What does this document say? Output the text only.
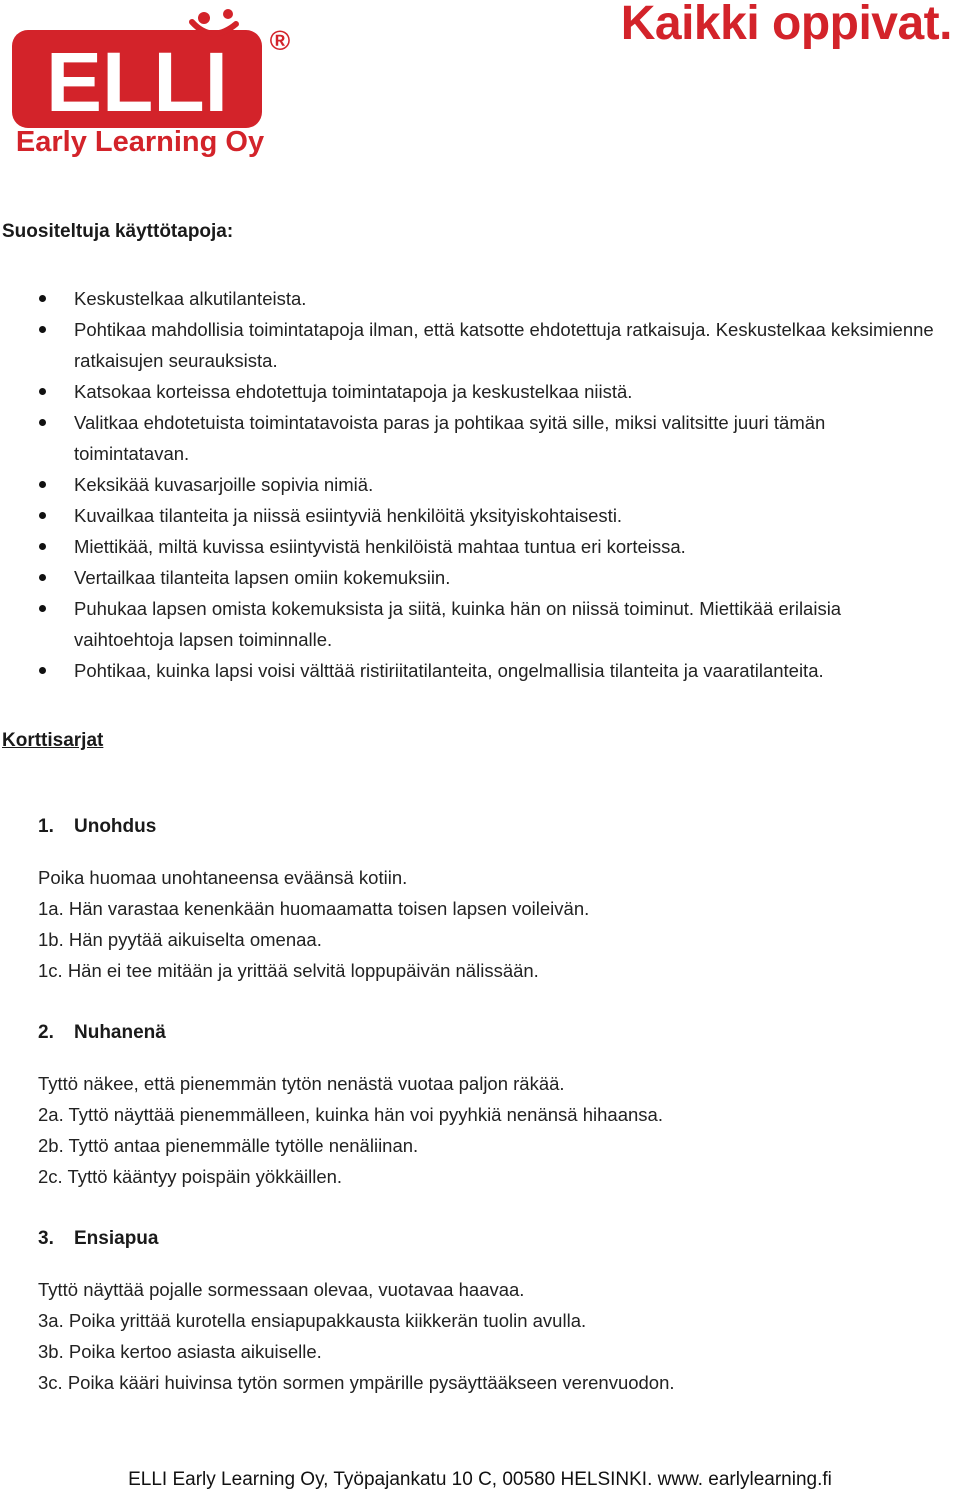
ELLI ®
Early Learning Oy
Kaikki oppivat.
Suositeltuja käyttötapoja:
Keskustelkaa alkutilanteista.
Pohtikaa mahdollisia toimintatapoja ilman, että katsotte ehdotettuja ratkaisuja. Keskustelkaa keksimienne ratkaisujen seurauksista.
Katsokaa korteissa ehdotettuja toimintatapoja ja keskustelkaa niistä.
Valitkaa ehdotetuista toimintatavoista paras ja pohtikaa syitä sille, miksi valitsitte juuri tämän toimintatavan.
Keksikää kuvasarjoille sopivia nimiä.
Kuvailkaa tilanteita ja niissä esiintyviä henkilöitä yksityiskohtaisesti.
Miettikää, miltä kuvissa esiintyvistä henkilöistä mahtaa tuntua eri korteissa.
Vertailkaa tilanteita lapsen omiin kokemuksiin.
Puhukaa lapsen omista kokemuksista ja siitä, kuinka hän on niissä toiminut. Miettikää erilaisia vaihtoehtoja lapsen toiminnalle.
Pohtikaa, kuinka lapsi voisi välttää ristiriitatilanteita, ongelmallisia tilanteita ja vaaratilanteita.
Korttisarjat
1. Unohdus
Poika huomaa unohtaneensa eväänsä kotiin.
1a. Hän varastaa kenenkään huomaamatta toisen lapsen voileivän.
1b. Hän pyytää aikuiselta omenaa.
1c. Hän ei tee mitään ja yrittää selvitä loppupäivän nälissään.
2. Nuhanenä
Tyttö näkee, että pienemmän tytön nenästä vuotaa paljon räkää.
2a. Tyttö näyttää pienemmälleen, kuinka hän voi pyyhkiä nenänsä hihaansa.
2b. Tyttö antaa pienemmälle tytölle nenäliinan.
2c. Tyttö kääntyy poispäin yökkäillen.
3. Ensiapua
Tyttö näyttää pojalle sormessaan olevaa, vuotavaa haavaa.
3a. Poika yrittää kurotella ensiapupakkausta kiikkerän tuolin avulla.
3b. Poika kertoo asiasta aikuiselle.
3c. Poika kääri huivinsa tytön sormen ympärille pysäyttääkseen verenvuodon.
ELLI Early Learning Oy, Työpajankatu 10 C, 00580 HELSINKI. www. earlylearning.fi
